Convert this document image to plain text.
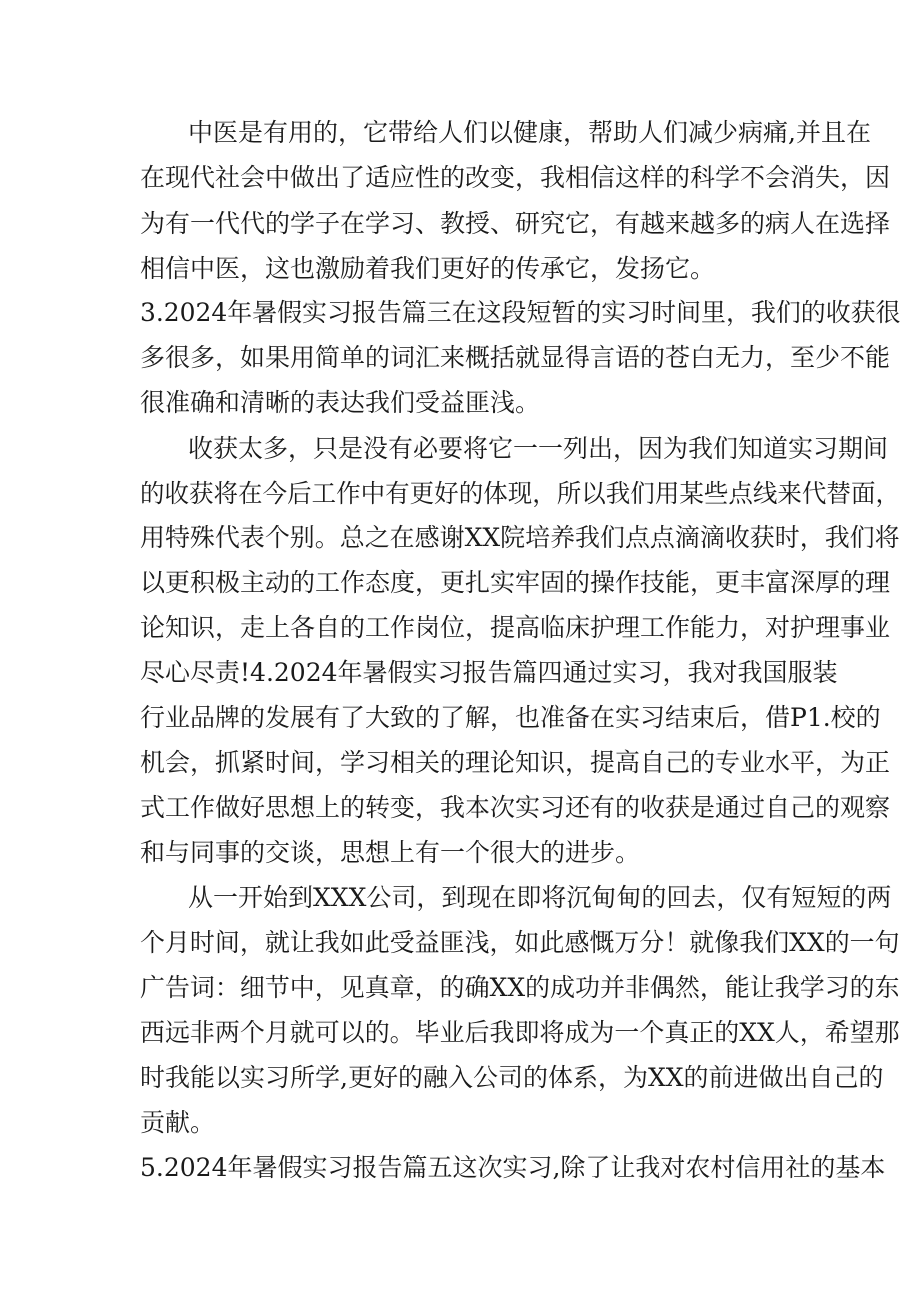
中医是有用的，它带给人们以健康，帮助人们减少病痛,并且在
在现代社会中做出了适应性的改变，我相信这样的科学不会消失，因
为有一代代的学子在学习、教授、研究它，有越来越多的病人在选择
相信中医，这也激励着我们更好的传承它，发扬它。
3.2024年暑假实习报告篇三在这段短暂的实习时间里，我们的收获很
多很多，如果用简单的词汇来概括就显得言语的苍白无力，至少不能
很准确和清晰的表达我们受益匪浅。
收获太多，只是没有必要将它一一列出，因为我们知道实习期间
的收获将在今后工作中有更好的体现，所以我们用某些点线来代替面，
用特殊代表个别。总之在感谢XX院培养我们点点滴滴收获时，我们将
以更积极主动的工作态度，更扎实牢固的操作技能，更丰富深厚的理
论知识，走上各自的工作岗位，提高临床护理工作能力，对护理事业
尽心尽责!4.2024年暑假实习报告篇四通过实习，我对我国服装
行业品牌的发展有了大致的了解，也准备在实习结束后，借P1.校的
机会，抓紧时间，学习相关的理论知识，提高自己的专业水平，为正
式工作做好思想上的转变，我本次实习还有的收获是通过自己的观察
和与同事的交谈，思想上有一个很大的进步。
从一开始到XXX公司，到现在即将沉甸甸的回去，仅有短短的两
个月时间，就让我如此受益匪浅，如此感慨万分！就像我们XX的一句
广告词：细节中，见真章，的确XX的成功并非偶然，能让我学习的东
西远非两个月就可以的。毕业后我即将成为一个真正的XX人，希望那
时我能以实习所学,更好的融入公司的体系，为XX的前进做出自己的
贡献。
5.2024年暑假实习报告篇五这次实习,除了让我对农村信用社的基本
